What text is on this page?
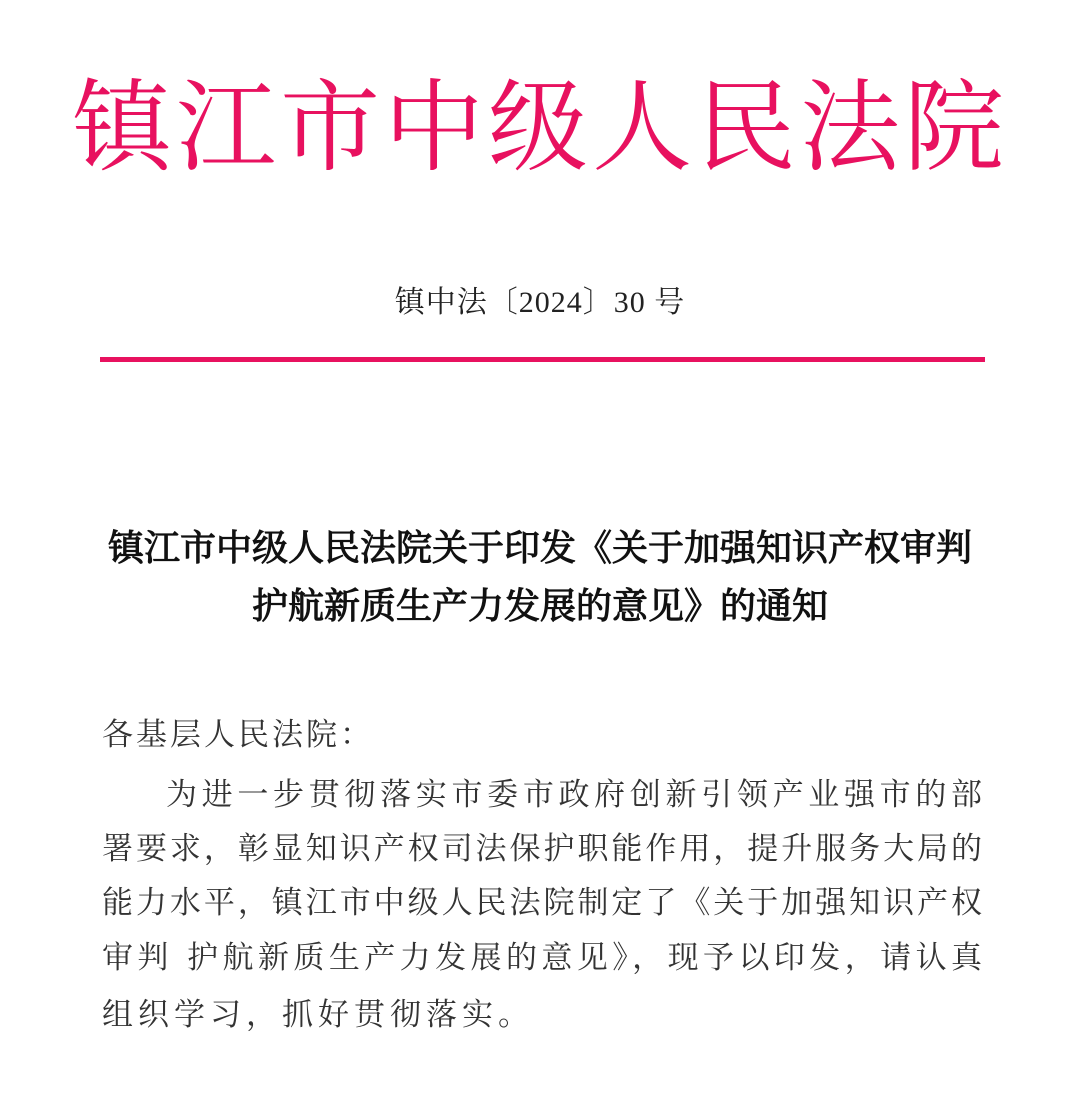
镇江市中级人民法院
镇中法〔2024〕30 号
镇江市中级人民法院关于印发《关于加强知识产权审判
护航新质生产力发展的意见》的通知
各基层人民法院：
为进一步贯彻落实市委市政府创新引领产业强市的部
署要求，彰显知识产权司法保护职能作用，提升服务大局的
能力水平，镇江市中级人民法院制定了《关于加强知识产权
审判 护航新质生产力发展的意见》，现予以印发，请认真
组织学习，抓好贯彻落实。
